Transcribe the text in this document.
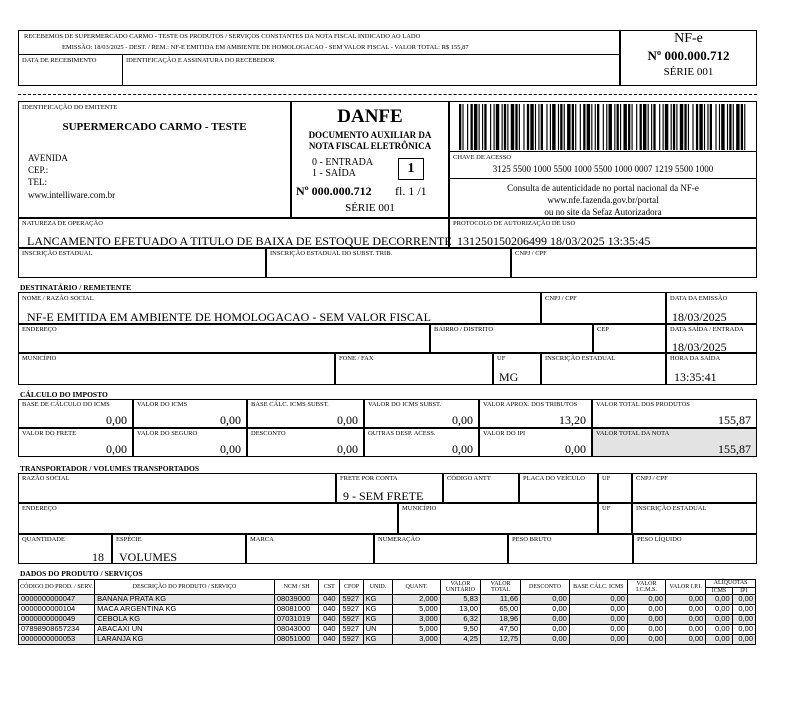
RECEBEMOS DE SUPERMERCADO CARMO - TESTE OS PRODUTOS / SERVIÇOS CONSTANTES DA NOTA FISCAL INDICADO AO LADO
EMISSÃO: 18/03/2025 - DEST. / REM.: NF-E EMITIDA EM AMBIENTE DE HOMOLOGACAO - SEM VALOR FISCAL - VALOR TOTAL: R$ 155,87
DATA DE RECEBIMENTO	IDENTIFICAÇÃO E ASSINATURA DO RECEBEDOR
NF-e
Nº 000.000.712
SÉRIE 001
IDENTIFICAÇÃO DO EMITENTE
SUPERMERCADO CARMO - TESTE
AVENIDA
CEP.:
TEL:
www.intelliware.com.br
DANFE
DOCUMENTO AUXILIAR DA
NOTA FISCAL ELETRÔNICA
0 - ENTRADA
1 - SAÍDA	1
Nº 000.000.712 fl. 1 /1
SÉRIE 001
CHAVE DE ACESSO
3125 5500 1000 5500 1000 5500 1000 0007 1219 5500 1000
Consulta de autenticidade no portal nacional da NF-e
www.nfe.fazenda.gov.br/portal
ou no site da Sefaz Autorizadora
NATUREZA DE OPERAÇÃO
LANCAMENTO EFETUADO A TITULO DE BAIXA DE ESTOQUE DECORRENTE
PROTOCOLO DE AUTORIZAÇÃO DE USO
131250150206499 18/03/2025 13:35:45
INSCRIÇÃO ESTADUAL	INSCRIÇÃO ESTADUAL DO SUBST. TRIB.	CNPJ / CPF
DESTINATÁRIO / REMETENTE
NOME / RAZÃO SOCIAL
NF-E EMITIDA EM AMBIENTE DE HOMOLOGACAO - SEM VALOR FISCAL
CNPJ / CPF	DATA DA EMISSÃO
18/03/2025
ENDEREÇO	BAIRRO / DISTRITO	CEP	DATA SAÍDA / ENTRADA
18/03/2025
MUNICÍPIO	FONE / FAX	UF
MG
INSCRIÇÃO ESTADUAL	HORA DA SAÍDA
13:35:41
CÁLCULO DO IMPOSTO
BASE DE CÁLCULO DO ICMS
0,00
VALOR DO ICMS
0,00
BASE CÁLC. ICMS SUBST.
0,00
VALOR DO ICMS SUBST.
0,00
VALOR APROX. DOS TRIBUTOS
13,20
VALOR TOTAL DOS PRODUTOS
155,87
VALOR DO FRETE
0,00
VALOR DO SEGURO
0,00
DESCONTO
0,00
OUTRAS DESP. ACESS.
0,00
VALOR DO IPI
0,00
VALOR TOTAL DA NOTA
155,87
TRANSPORTADOR / VOLUMES TRANSPORTADOS
RAZÃO SOCIAL	FRETE POR CONTA
9 - SEM FRETE
CÓDIGO ANTT	PLACA DO VEÍCULO	UF	CNPJ / CPF
ENDEREÇO	MUNICÍPIO	UF	INSCRIÇÃO ESTADUAL
QUANTIDADE
18
ESPÉCIE
VOLUMES
MARCA	NUMERAÇÃO	PESO BRUTO	PESO LÍQUIDO
DADOS DO PRODUTO / SERVIÇOS
CÓDIGO DO PROD. / SERV.	DESCRIÇÃO DO PRODUTO / SERVIÇO	NCM / SH	CST	CFOP	UNID.	QUANT.	VALOR UNITÁRIO	VALOR TOTAL	DESCONTO	BASE CÁLC. ICMS	VALOR I.C.M.S.	VALOR I.P.I.	ALÍQUOTAS	
													ICMS	IPI
0000000000047	BANANA PRATA KG	08039000	040	5927	KG	2,000	5,83	11,66	0,00	0,00	0,00	0,00	0,00	0,00
0000000000104	MACA ARGENTINA KG	08081000	040	5927	KG	5,000	13,00	65,00	0,00	0,00	0,00	0,00	0,00	0,00
0000000000049	CEBOLA KG	07031019	040	5927	KG	3,000	6,32	18,96	0,00	0,00	0,00	0,00	0,00	0,00
07898908657234	ABACAXI UN	08043000	040	5927	UN	5,000	9,50	47,50	0,00	0,00	0,00	0,00	0,00	0,00
0000000000053	LARANJA KG	08051000	040	5927	KG	3,000	4,25	12,75	0,00	0,00	0,00	0,00	0,00	0,00
